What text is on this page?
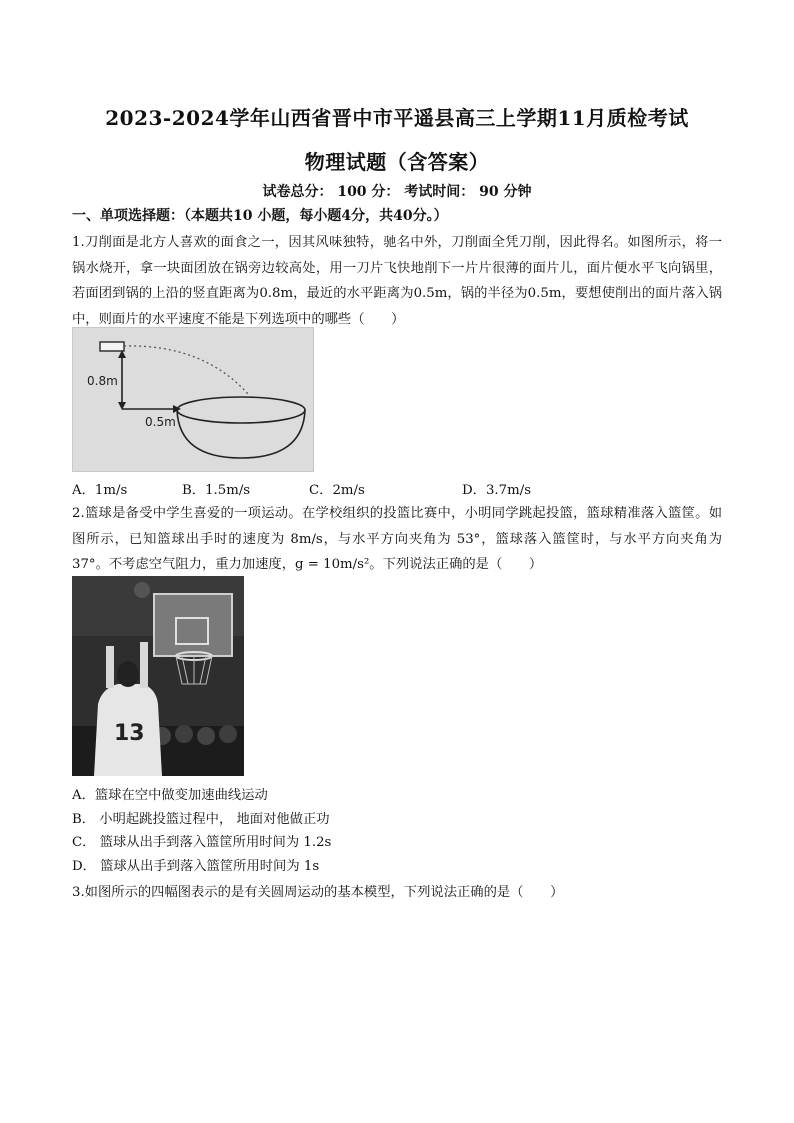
2023-2024学年山西省晋中市平遥县高三上学期11月质检考试
物理试题（含答案）
试卷总分： 100 分： 考试时间： 90 分钟
一、单项选择题：（本题共10 小题，每小题4分，共40分。）
1.刀削面是北方人喜欢的面食之一，因其风味独特，驰名中外，刀削面全凭刀削，因此得名。如图所示，将一锅水烧开，拿一块面团放在锅旁边较高处，用一刀片飞快地削下一片片很薄的面片儿，面片便水平飞向锅里，若面团到锅的上沿的竖直距离为0.8m，最近的水平距离为0.5m，锅的半径为0.5m，要想使削出的面片落入锅中，则面片的水平速度不能是下列选项中的哪些（　　）
0.8m
0.5m
A．1m/s	B．1.5m/s	C．2m/s	D．3.7m/s
2.篮球是备受中学生喜爱的一项运动。在学校组织的投篮比赛中，小明同学跳起投篮，篮球精准落入篮筐。如图所示，已知篮球出手时的速度为 8m/s，与水平方向夹角为 53°，篮球落入篮筐时，与水平方向夹角为 37°。不考虑空气阻力，重力加速度，g = 10m/s²。下列说法正确的是（　　）
13
A．篮球在空中做变加速曲线运动
B． 小明起跳投篮过程中， 地面对他做正功
C． 篮球从出手到落入篮筐所用时间为 1.2s
D． 篮球从出手到落入篮筐所用时间为 1s
3.如图所示的四幅图表示的是有关圆周运动的基本模型，下列说法正确的是（　　）
